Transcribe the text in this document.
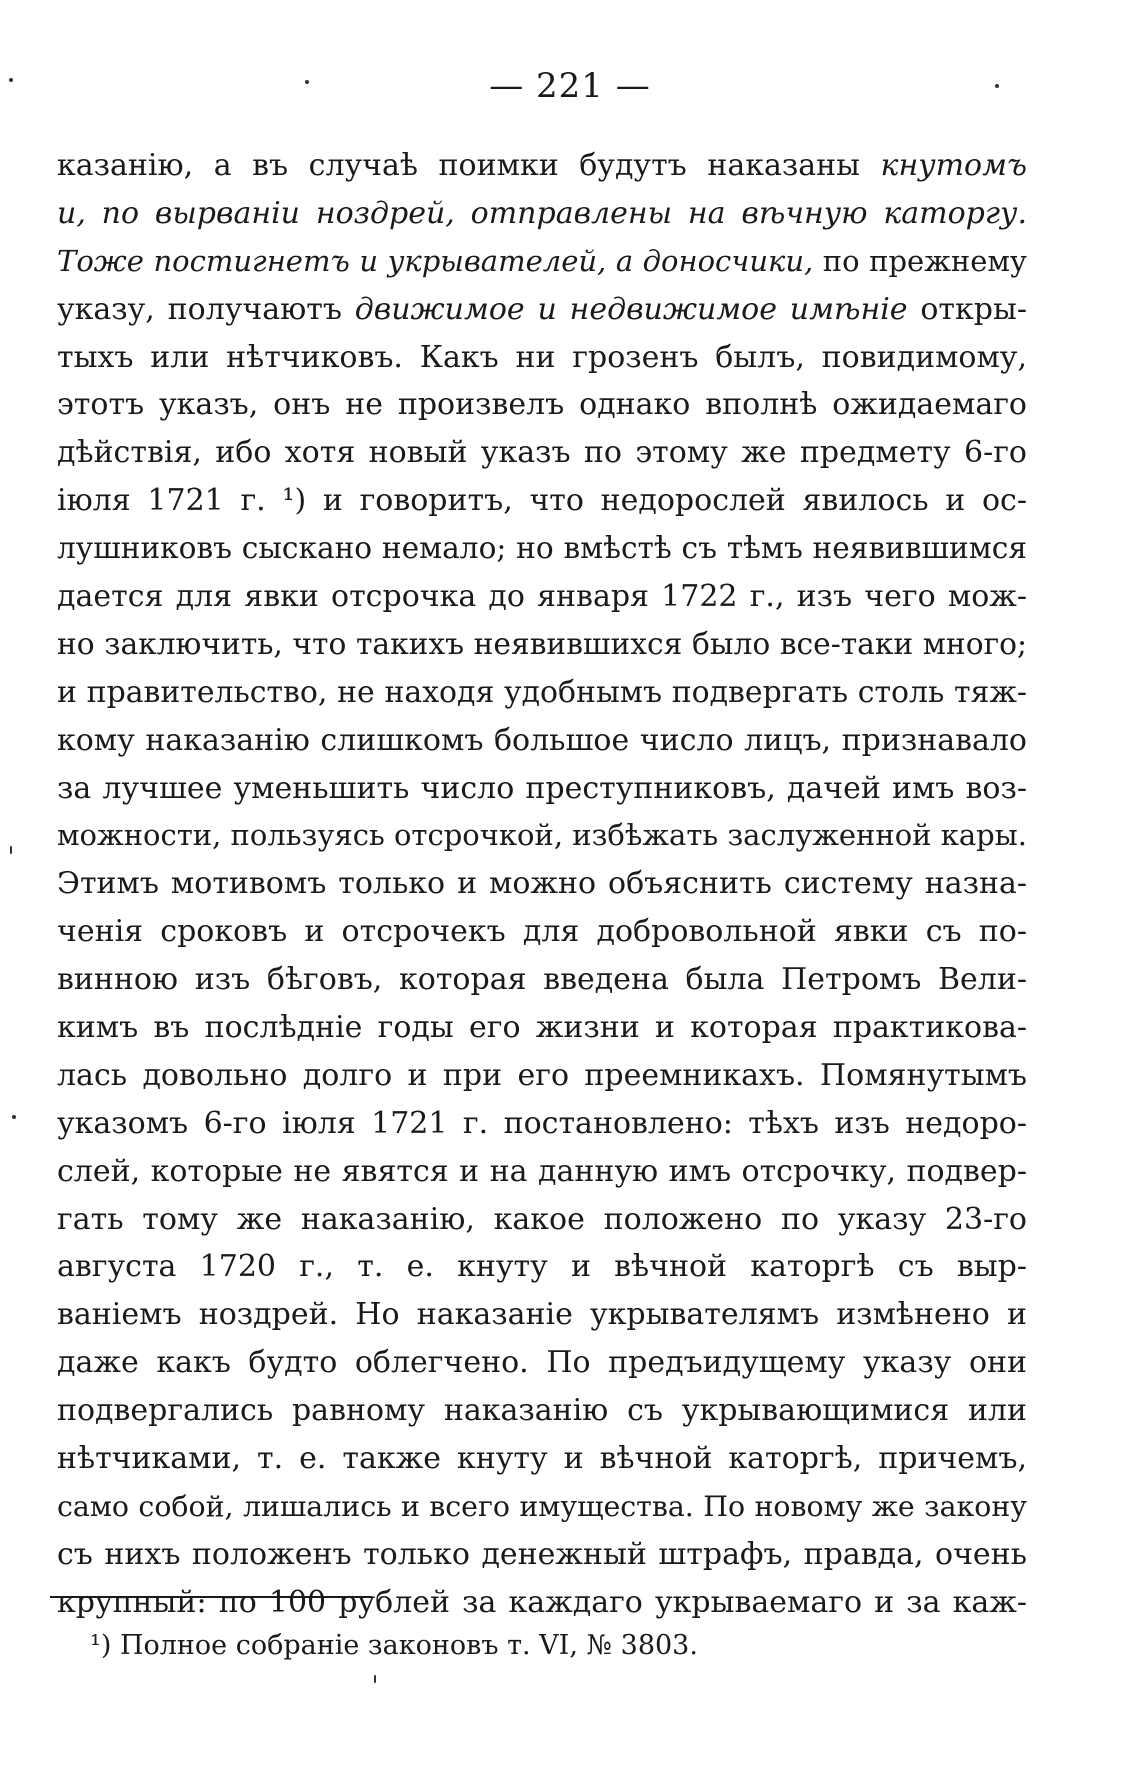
— 221 —
казанію, а въ случаѣ поимки будутъ наказаны кнутомъ
и, по вырваніи ноздрей, отправлены на вѣчную каторгу.
Тоже постигнетъ и укрывателей, а доносчики, по прежнему
указу, получаютъ движимое и недвижимое имѣніе откры-
тыхъ или нѣтчиковъ. Какъ ни грозенъ былъ, повидимому,
этотъ указъ, онъ не произвелъ однако вполнѣ ожидаемаго
дѣйствія, ибо хотя новый указъ по этому же предмету 6-го
іюля 1721 г. ¹) и говоритъ, что недорослей явилось и ос-
лушниковъ сыскано немало; но вмѣстѣ съ тѣмъ неявившимся
дается для явки отсрочка до января 1722 г., изъ чего мож-
но заключить, что такихъ неявившихся было все-таки много;
и правительство, не находя удобнымъ подвергать столь тяж-
кому наказанію слишкомъ большое число лицъ, признавало
за лучшее уменьшить число преступниковъ, дачей имъ воз-
можности, пользуясь отсрочкой, избѣжать заслуженной кары.
Этимъ мотивомъ только и можно объяснить систему назна-
ченія сроковъ и отсрочекъ для добровольной явки съ по-
винною изъ бѣговъ, которая введена была Петромъ Вели-
кимъ въ послѣдніе годы его жизни и которая практикова-
лась довольно долго и при его преемникахъ. Помянутымъ
указомъ 6-го іюля 1721 г. постановлено: тѣхъ изъ недоро-
слей, которые не явятся и на данную имъ отсрочку, подвер-
гать тому же наказанію, какое положено по указу 23-го
августа 1720 г., т. е. кнуту и вѣчной каторгѣ съ выр-
ваніемъ ноздрей. Но наказаніе укрывателямъ измѣнено и
даже какъ будто облегчено. По предъидущему указу они
подвергались равному наказанію съ укрывающимися или
нѣтчиками, т. е. также кнуту и вѣчной каторгѣ, причемъ,
само собой, лишались и всего имущества. По новому же закону
съ нихъ положенъ только денежный штрафъ, правда, очень
крупный: по 100 рублей за каждаго укрываемаго и за каж-
¹) Полное собраніе законовъ т. VI, № 3803.
